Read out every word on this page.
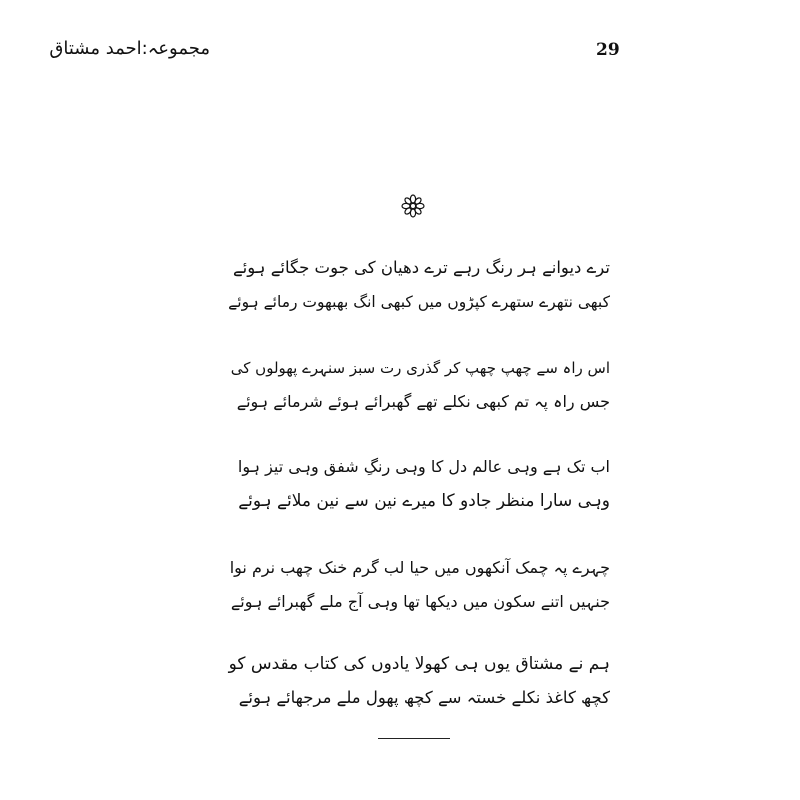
29
مجموعہ:احمد مشتاق
ترے دیوانے ہر رنگ رہے ترے دھیان کی جوت جگائے ہوئے
کبھی نتھرے ستھرے کپڑوں میں کبھی انگ بھبھوت رمائے ہوئے
اس راہ سے چھپ چھپ کر گذری رت سبز سنہرے پھولوں کی
جس راہ پہ تم کبھی نکلے تھے گھبرائے ہوئے شرمائے ہوئے
اب تک ہے وہی عالم دل کا وہی رنگِ شفق وہی تیز ہوا
وہی سارا منظر جادو کا میرے نین سے نین ملائے ہوئے
چہرے پہ چمک آنکھوں میں حیا لب گرم خنک چھب نرم نوا
جنہیں اتنے سکون میں دیکھا تھا وہی آج ملے گھبرائے ہوئے
ہم نے مشتاق یوں ہی کھولا یادوں کی کتاب مقدس کو
کچھ کاغذ نکلے خستہ سے کچھ پھول ملے مرجھائے ہوئے
